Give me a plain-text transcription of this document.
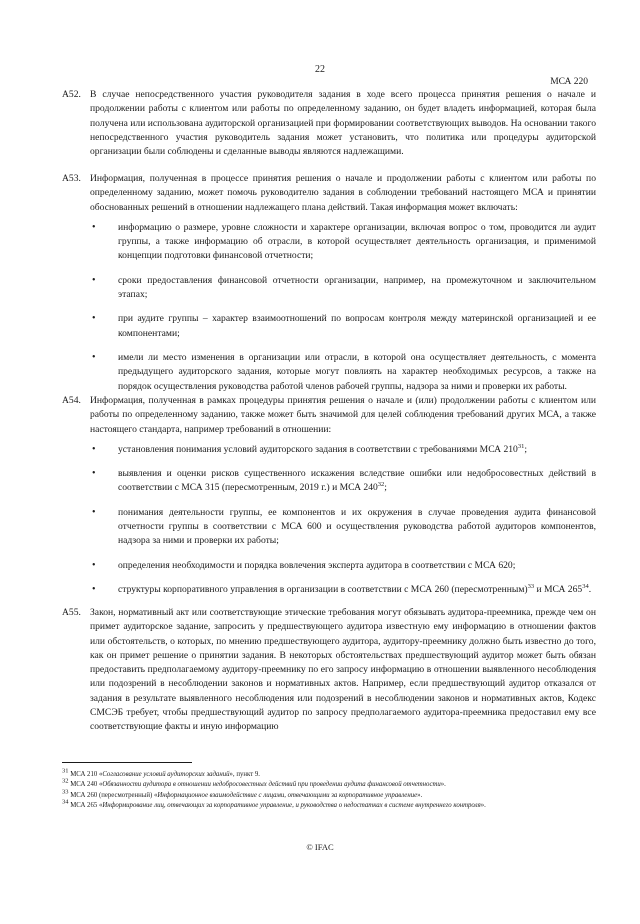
22
МСА 220
A52. В случае непосредственного участия руководителя задания в ходе всего процесса принятия решения о начале и продолжении работы с клиентом или работы по определенному заданию, он будет владеть информацией, которая была получена или использована аудиторской организацией при формировании соответствующих выводов. На основании такого непосредственного участия руководитель задания может установить, что политика или процедуры аудиторской организации были соблюдены и сделанные выводы являются надлежащими.
A53. Информация, полученная в процессе принятия решения о начале и продолжении работы с клиентом или работы по определенному заданию, может помочь руководителю задания в соблюдении требований настоящего МСА и принятии обоснованных решений в отношении надлежащего плана действий. Такая информация может включать:
• информацию о размере, уровне сложности и характере организации, включая вопрос о том, проводится ли аудит группы, а также информацию об отрасли, в которой осуществляет деятельность организация, и применимой концепции подготовки финансовой отчетности;
• сроки предоставления финансовой отчетности организации, например, на промежуточном и заключительном этапах;
• при аудите группы – характер взаимоотношений по вопросам контроля между материнской организацией и ее компонентами;
• имели ли место изменения в организации или отрасли, в которой она осуществляет деятельность, с момента предыдущего аудиторского задания, которые могут повлиять на характер необходимых ресурсов, а также на порядок осуществления руководства работой членов рабочей группы, надзора за ними и проверки их работы.
A54. Информация, полученная в рамках процедуры принятия решения о начале и (или) продолжении работы с клиентом или работы по определенному заданию, также может быть значимой для целей соблюдения требований других МСА, а также настоящего стандарта, например требований в отношении:
• установления понимания условий аудиторского задания в соответствии с требованиями МСА $210^{31}$;
• выявления и оценки рисков существенного искажения вследствие ошибки или недобросовестных действий в соответствии с МСА 315 (пересмотренным, 2019 г.) и МСА $240^{32}$;
• понимания деятельности группы, ее компонентов и их окружения в случае проведения аудита финансовой отчетности группы в соответствии с МСА 600 и осуществления руководства работой аудиторов компонентов, надзора за ними и проверки их работы;
• определения необходимости и порядка вовлечения эксперта аудитора в соответствии с МСА 620;
• структуры корпоративного управления в организации в соответствии с МСА 260 (пересмотренным)$^{33}$ и МСА $265^{34}$.
A55. Закон, нормативный акт или соответствующие этические требования могут обязывать аудитора-преемника, прежде чем он примет аудиторское задание, запросить у предшествующего аудитора известную ему информацию в отношении фактов или обстоятельств, о которых, по мнению предшествующего аудитора, аудитору-преемнику должно быть известно до того, как он примет решение о принятии задания. В некоторых обстоятельствах предшествующий аудитор может быть обязан предоставить предполагаемому аудитору-преемнику по его запросу информацию в отношении выявленного несоблюдения или подозрений в несоблюдении законов и нормативных актов. Например, если предшествующий аудитор отказался от задания в результате выявленного несоблюдения или подозрений в несоблюдении законов и нормативных актов, Кодекс СМСЭБ требует, чтобы предшествующий аудитор по запросу предполагаемого аудитора-преемника предоставил ему все соответствующие факты и иную информацию
$^{31}$ МСА 210 «Согласование условий аудиторских заданий», пункт 9.
$^{32}$ МСА 240 «Обязанности аудитора в отношении недобросовестных действий при проведении аудита финансовой отчетности».
$^{33}$ МСА 260 (пересмотренный) «Информационное взаимодействие с лицами, отвечающими за корпоративное управление».
$^{34}$ МСА 265 «Информирование лиц, отвечающих за корпоративное управление, и руководства о недостатках в системе внутреннего контроля».
© IFAC
